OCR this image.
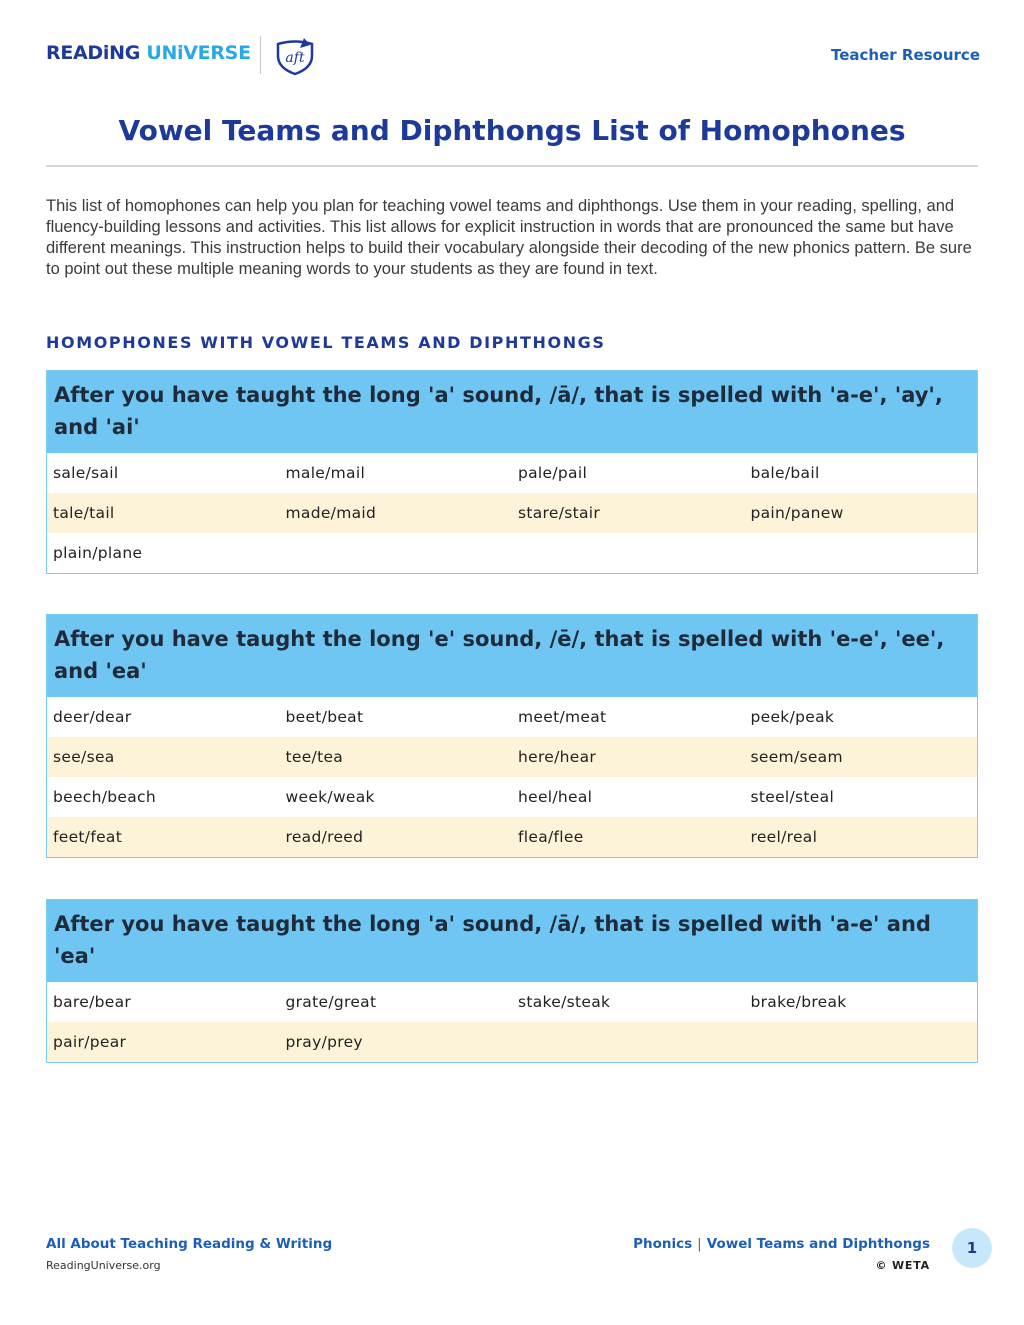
READiNG UNiVERSE aft	Teacher Resource
Vowel Teams and Diphthongs List of Homophones
This list of homophones can help you plan for teaching vowel teams and diphthongs. Use them in your reading, spelling, and fluency-building lessons and activities. This list allows for explicit instruction in words that are pronounced the same but have different meanings. This instruction helps to build their vocabulary alongside their decoding of the new phonics pattern. Be sure to point out these multiple meaning words to your students as they are found in text.
HOMOPHONES WITH VOWEL TEAMS AND DIPHTHONGS
After you have taught the long 'a' sound, /ā/, that is spelled with 'a-e', 'ay', and 'ai'
sale/sail	male/mail	pale/pail	bale/bail
tale/tail	made/maid	stare/stair	pain/panew
plain/plane
After you have taught the long 'e' sound, /ē/, that is spelled with 'e-e', 'ee', and 'ea'
deer/dear	beet/beat	meet/meat	peek/peak
see/sea	tee/tea	here/hear	seem/seam
beech/beach	week/weak	heel/heal	steel/steal
feet/feat	read/reed	flea/flee	reel/real
After you have taught the long 'a' sound, /ā/, that is spelled with 'a-e' and 'ea'
bare/bear	grate/great	stake/steak	brake/break
pair/pear	pray/prey
All About Teaching Reading & Writing
ReadingUniverse.org
Phonics | Vowel Teams and Diphthongs
© WETA
1
